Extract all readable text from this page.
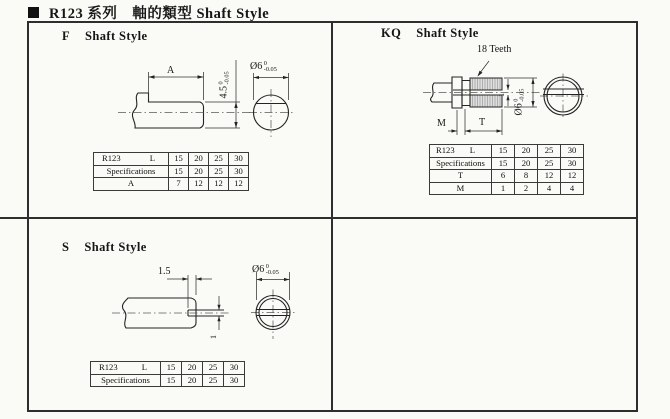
R123 系列　軸的類型 Shaft Style
F Shaft Style
A
4.5
0
-0.05
Ø6 0
-0.05
R123 L	15	20	25	30
Specifications	15	20	25	30
A	7	12	12	12
KQ Shaft Style
18 Teeth
1
Ø6
0
-0.05
M	T
R123 L	15	20	25	30
Specifications	15	20	25	30
T	6	8	12	12
M	1	2	4	4
S Shaft Style
1.5
1
Ø6 0
-0.05
R123 L	15	20	25	30
Specifications	15	20	25	30
